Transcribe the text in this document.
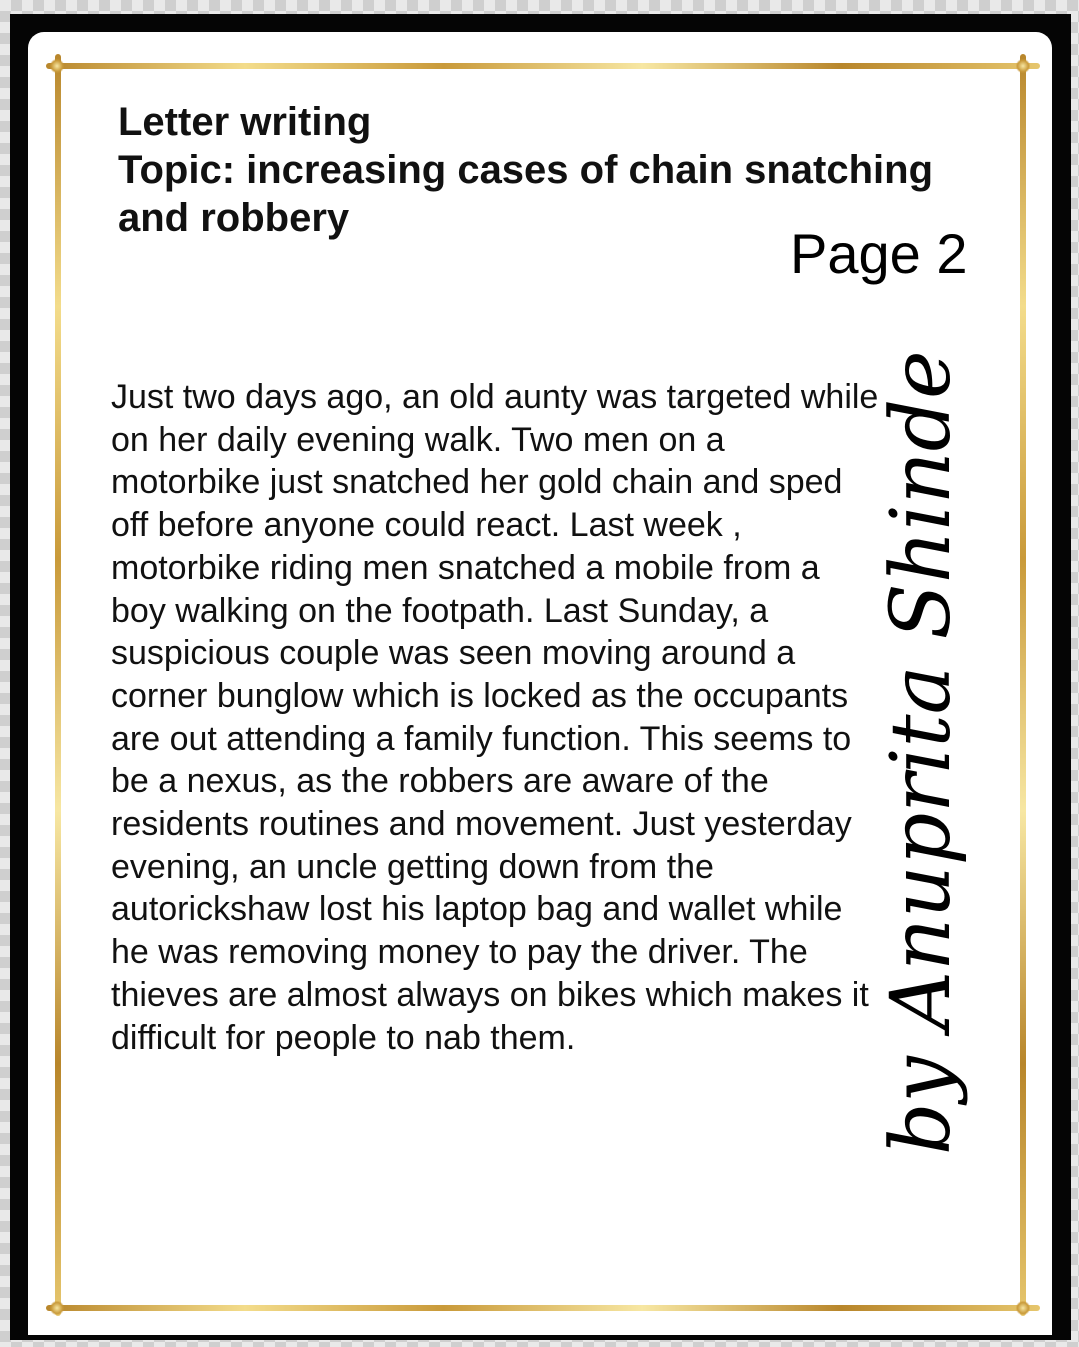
Letter writing
Topic: increasing cases of chain snatching
and robbery
Page 2

Just two days ago, an old aunty was targeted while on her daily evening walk. Two men on a motorbike just snatched her gold chain and sped off before anyone could react. Last week , motorbike riding men snatched a mobile from a boy walking on the footpath. Last Sunday, a suspicious couple was seen moving around a corner bunglow which is locked as the occupants are out attending a family function. This seems to be a nexus, as the robbers are aware of the residents routines and movement. Just yesterday evening, an uncle getting down from the autorickshaw lost his laptop bag and wallet while he was removing money to pay the driver. The thieves are almost always on bikes which makes it difficult for people to nab them.	by Anuprita Shinde
